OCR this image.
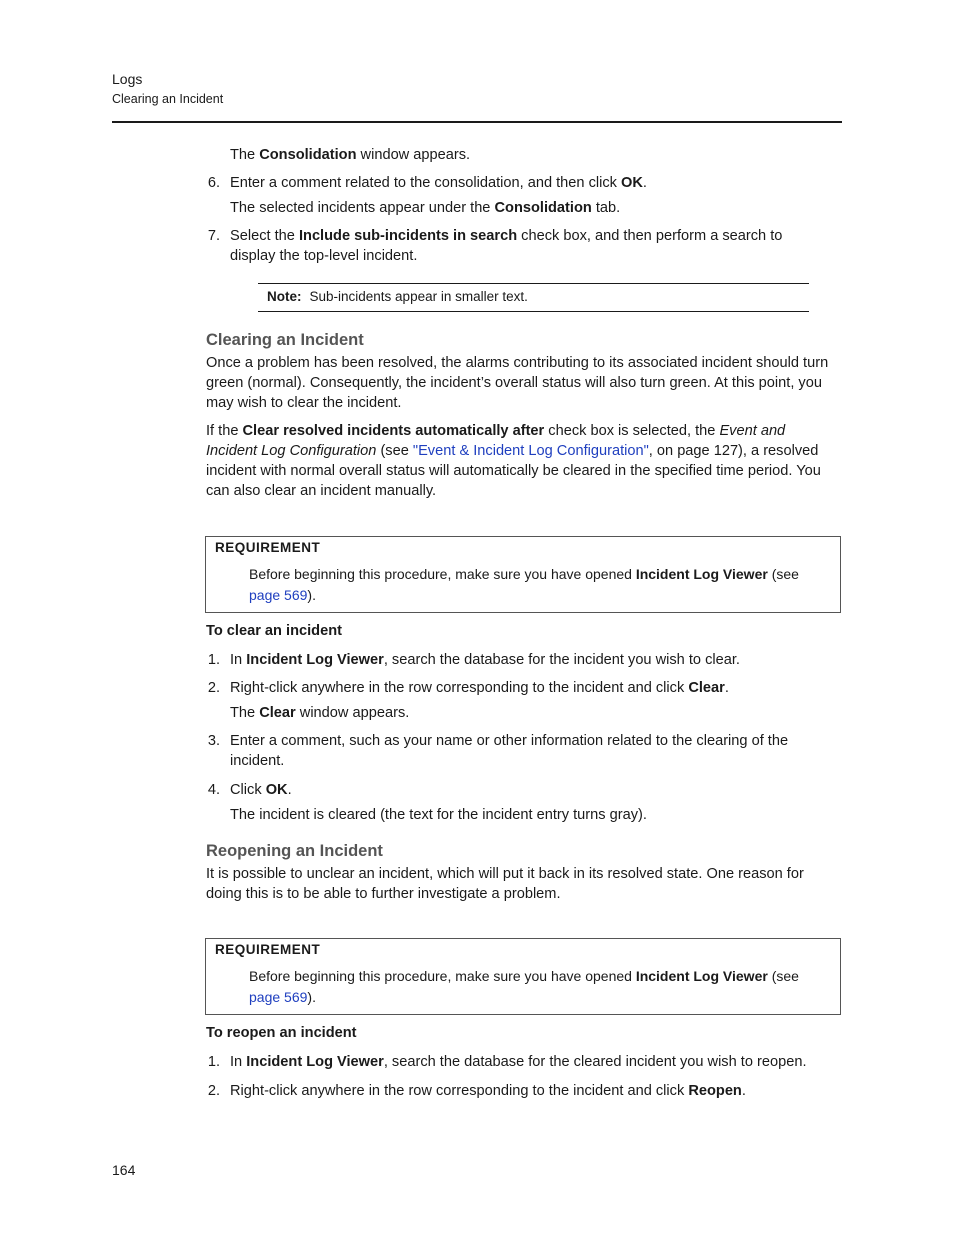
Logs
Clearing an Incident
The Consolidation window appears.
6. Enter a comment related to the consolidation, and then click OK.
The selected incidents appear under the Consolidation tab.
7. Select the Include sub-incidents in search check box, and then perform a search to display the top-level incident.
Note: Sub-incidents appear in smaller text.
Clearing an Incident
Once a problem has been resolved, the alarms contributing to its associated incident should turn green (normal). Consequently, the incident’s overall status will also turn green. At this point, you may wish to clear the incident.
If the Clear resolved incidents automatically after check box is selected, the Event and Incident Log Configuration (see "Event & Incident Log Configuration", on page 127), a resolved incident with normal overall status will automatically be cleared in the specified time period. You can also clear an incident manually.
REQUIREMENT
Before beginning this procedure, make sure you have opened Incident Log Viewer (see page 569).
To clear an incident
1. In Incident Log Viewer, search the database for the incident you wish to clear.
2. Right-click anywhere in the row corresponding to the incident and click Clear.
The Clear window appears.
3. Enter a comment, such as your name or other information related to the clearing of the incident.
4. Click OK.
The incident is cleared (the text for the incident entry turns gray).
Reopening an Incident
It is possible to unclear an incident, which will put it back in its resolved state. One reason for doing this is to be able to further investigate a problem.
REQUIREMENT
Before beginning this procedure, make sure you have opened Incident Log Viewer (see page 569).
To reopen an incident
1. In Incident Log Viewer, search the database for the cleared incident you wish to reopen.
2. Right-click anywhere in the row corresponding to the incident and click Reopen.
164
